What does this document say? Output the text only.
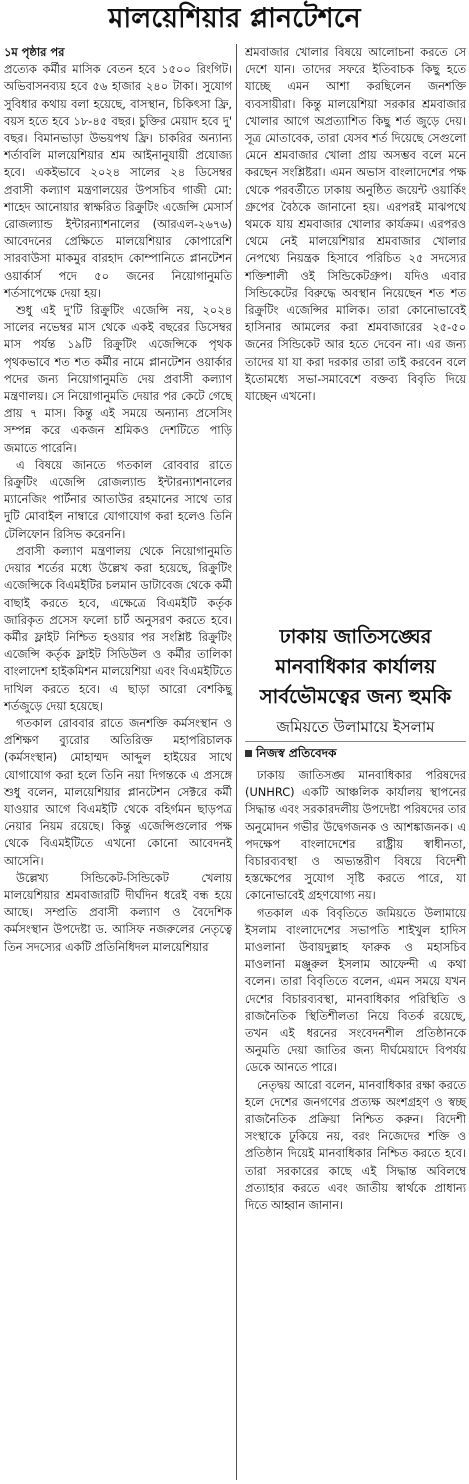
মালয়েশিয়ার প্লানটেশনে

১ম পৃষ্ঠার পর

প্রত্যেক কর্মীর মাসিক বেতন হবে ১৫০০ রিংগিট। অভিবাসনব্যয় হবে ৫৬ হাজার ২৪০ টাকা। সুযোগ সুবিধার কথায় বলা হয়েছে, বাসস্থান, চিকিৎসা ফ্রি, বয়স হতে হবে ১৮-৪৫ বছর। চুক্তির মেয়াদ হবে দু' বছর। বিমানভাড়া উভয়পথ ফ্রি। চাকরির অন্যান্য শর্তাবলি মালয়েশিয়ার শ্রম আইনানুযায়ী প্রযোজ্য হবে। একইভাবে ২০২৪ সালের ২৪ ডিসেম্বর প্রবাসী কল্যাণ মন্ত্রণালয়ের উপসচিব গাজী মো: শাহেদ আনোয়ার স্বাক্ষরিত রিক্রুটিং এজেন্সি মেসার্স রোজল্যান্ড ইন্টারন্যাশনালের (আরএল-২৬৭৬) আবেদনের প্রেক্ষিতে মালয়েশিয়ার কোপারেশি সারবাউসা মাকমুর বারহাদ কোম্পানিতে প্লানটেশন ওয়ার্কার্স পদে ৫০ জনের নিয়োগানুমতি শর্তসাপেক্ষে দেয়া হয়।

শুধু এই দু'টি রিক্রুটিং এজেন্সি নয়, ২০২৪ সালের নভেম্বর মাস থেকে একই বছরের ডিসেম্বর মাস পর্যন্ত ১৯টি রিক্রুটিং এজেন্সিকে পৃথক পৃথকভাবে শত শত কর্মীর নামে প্লানটেশন ওয়ার্কার পদের জন্য নিয়োগানুমতি দেয় প্রবাসী কল্যাণ মন্ত্রণালয়। সে নিয়োগানুমতি দেয়ার পর কেটে গেছে প্রায় ৭ মাস। কিন্তু এই সময়ে অন্যান্য প্রসেসিং সম্পন্ন করে একজন শ্রমিকও দেশটিতে পাড়ি জমাতে পারেনি।

এ বিষয়ে জানতে গতকাল রোববার রাতে রিক্রুটিং এজেন্সি রোজল্যান্ড ইন্টারন্যাশনালের ম্যানেজিং পার্টনার আতাউর রহমানের সাথে তার দুটি মোবাইল নাম্বারে যোগাযোগ করা হলেও তিনি টেলিফোন রিসিভ করেননি।

প্রবাসী কল্যাণ মন্ত্রণালয় থেকে নিয়োগানুমতি দেয়ার শর্তের মধ্যে উল্লেখ করা হয়েছে, রিক্রুটিং এজেন্সিকে বিএমইটির চলমান ডাটাবেজ থেকে কর্মী বাছাই করতে হবে, এক্ষেত্রে বিএমইটি কর্তৃক জারিকৃত প্রসেস ফলো চার্ট অনুসরণ করতে হবে। কর্মীর ফ্লাইট নিশ্চিত হওয়ার পর সংশ্লিষ্ট রিক্রুটিং এজেন্সি কর্তৃক ফ্লাইট সিডিউল ও কর্মীর তালিকা বাংলাদেশ হাইকমিশন মালয়েশিয়া এবং বিএমইটিতে দাখিল করতে হবে। এ ছাড়া আরো বেশকিছু শর্তজুড়ে দেয়া হয়েছে।

গতকাল রোববার রাতে জনশক্তি কর্মসংস্থান ও প্রশিক্ষণ ব্যুরোর অতিরিক্ত মহাপরিচালক (কর্মসংস্থান) মোহাম্মদ আব্দুল হাইয়ের সাথে যোগাযোগ করা হলে তিনি নয়া দিগন্তকে এ প্রসঙ্গে শুধু বলেন, মালয়েশিয়ার প্লানটেশন সেক্টরে কর্মী যাওয়ার আগে বিএমইটি থেকে বহির্গমন ছাড়পত্র নেয়ার নিয়ম রয়েছে। কিন্তু এজেন্সিগুলোর পক্ষ থেকে বিএমইটিতে এখনো কোনো আবেদনই আসেনি।

উল্লেখ্য সিন্ডিকেট-সিন্ডিকেট খেলায় মালয়েশিয়ার শ্রমবাজারটি দীর্ঘদিন ধরেই বন্ধ হয়ে আছে। সম্প্রতি প্রবাসী কল্যাণ ও বৈদেশিক কর্মসংস্থান উপদেষ্টা ড. আসিফ নজরুলের নেতৃত্বে তিন সদস্যের একটি প্রতিনিধিদল মালয়েশিয়ার

শ্রমবাজার খোলার বিষয়ে আলোচনা করতে সে দেশে যান। তাদের সফরে ইতিবাচক কিছু হতে যাচ্ছে এমন আশা করছিলেন জনশক্তি ব্যবসায়ীরা। কিন্তু মালয়েশিয়া সরকার শ্রমবাজার খোলার আগে অপ্রত্যাশিত কিছু শর্ত জুড়ে দেয়। সূত্র মোতাবেক, তারা যেসব শর্ত দিয়েছে সেগুলো মেনে শ্রমবাজার খোলা প্রায় অসম্ভব বলে মনে করছেন সংশ্লিষ্টরা। এমন অভাস বাংলাদেশের পক্ষ থেকে পরবর্তীতে ঢাকায় অনুষ্ঠিত জয়েন্ট ওয়ার্কিং গ্রুপের বৈঠকে জানানো হয়। এরপরই মাঝপথে থমকে যায় শ্রমবাজার খোলার কার্যক্রম। এরপরও থেমে নেই মালয়েশিয়ার শ্রমবাজার খোলার নেপথ্যে নিয়ন্ত্রক হিসাবে পরিচিত ২৫ সদস্যের শক্তিশালী ওই সিন্ডিকেটগ্রুপ। যদিও এবার সিন্ডিকেটের বিরুদ্ধে অবস্থান নিয়েছেন শত শত রিক্রুটিং এজেন্সির মালিক। তারা কোনোভাবেই হাসিনার আমলের করা শ্রমবাজারের ২৫-৫০ জনের সিন্ডিকেট আর হতে দেবেন না। এর জন্য তাদের যা যা করা দরকার তারা তাই করবেন বলে ইতোমধ্যে সভা-সমাবেশে বক্তব্য বিবৃতি দিয়ে যাচ্ছেন এখনো।

ঢাকায় জাতিসঙ্ঘের
মানবাধিকার কার্যালয়
সার্বভৌমত্বের জন্য হুমকি
জমিয়তে উলামায়ে ইসলাম
নিজস্ব প্রতিবেদক

ঢাকায় জাতিসঙ্ঘ মানবাধিকার পরিষদের (UNHRC) একটি আঞ্চলিক কার্যালয় স্থাপনের সিদ্ধান্ত এবং সরকারদলীয় উপদেষ্টা পরিষদের তার অনুমোদন গভীর উদ্বেগজনক ও আশঙ্কাজনক। এ পদক্ষেপ বাংলাদেশের রাষ্ট্রীয় স্বাধীনতা, বিচারব্যবস্থা ও অভ্যন্তরীণ বিষয়ে বিদেশী হস্তক্ষেপের সুযোগ সৃষ্টি করতে পারে, যা কোনোভাবেই গ্রহণযোগ্য নয়।

গতকাল এক বিবৃতিতে জমিয়তে উলামায়ে ইসলাম বাংলাদেশের সভাপতি শাইখুল হাদিস মাওলানা উবায়দুল্লাহ ফারুক ও মহাসচিব মাওলানা মঞ্জুরুল ইসলাম আফেন্দী এ কথা বলেন। তারা বিবৃতিতে বলেন, এমন সময়ে যখন দেশের বিচারব্যবস্থা, মানবাধিকার পরিস্থিতি ও রাজনৈতিক স্থিতিশীলতা নিয়ে বিতর্ক রয়েছে, তখন এই ধরনের সংবেদনশীল প্রতিষ্ঠানকে অনুমতি দেয়া জাতির জন্য দীর্ঘমেয়াদে বিপর্যয় ডেকে আনতে পারে।

নেতৃদ্বয় আরো বলেন, মানবাধিকার রক্ষা করতে হলে দেশের জনগণের প্রত্যক্ষ অংশগ্রহণ ও স্বচ্ছ রাজনৈতিক প্রক্রিয়া নিশ্চিত করুন। বিদেশী সংস্থাকে ঢুকিয়ে নয়, বরং নিজেদের শক্তি ও প্রতিষ্ঠান দিয়েই মানবাধিকার নিশ্চিত করতে হবে। তারা সরকারের কাছে এই সিদ্ধান্ত অবিলম্বে প্রত্যাহার করতে এবং জাতীয় স্বার্থকে প্রাধান্য দিতে আহ্বান জানান।
